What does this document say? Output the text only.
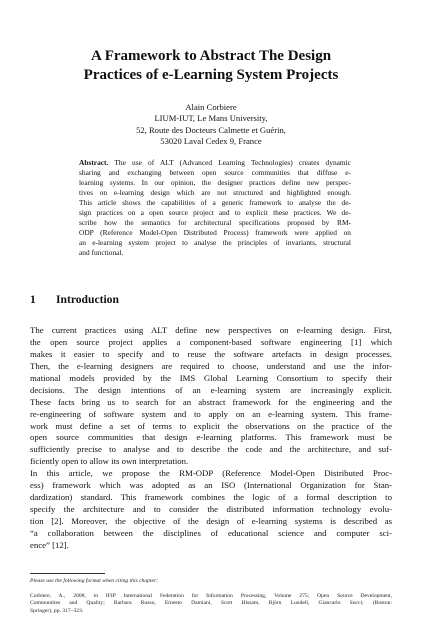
A Framework to Abstract The Design
Practices of e-Learning System Projects
Alain Corbiere
LIUM-IUT, Le Mans University,
52, Route des Docteurs Calmette et Guérin,
53020 Laval Cedex 9, France
Abstract. The use of ALT (Advanced Learning Technologies) creates dynamic
sharing and exchanging between open source communities that diffuse e-
learning systems. In our opinion, the designer practices define new perspec-
tives on e-learning design which are not structured and highlighted enough.
This article shows the capabilities of a generic framework to analyse the de-
sign practices on a open source project and to explicit these practices. We de-
scribe how the semantics for architectural specifications proposed by RM-
ODP (Reference Model-Open Distributed Process) framework were applied on
an e-learning system project to analyse the principles of invariants, structural
and functional.
1 Introduction
The current practices using ALT define new perspectives on e-learning design. First,
the open source project applies a component-based software engineering [1] which
makes it easier to specify and to reuse the software artefacts in design processes.
Then, the e-learning designers are required to choose, understand and use the infor-
mational models provided by the IMS Global Learning Consortium to specify their
decisions. The design intentions of an e-learning system are increasingly explicit.
These facts bring us to search for an abstract framework for the engineering and the
re-engineering of software system and to apply on an e-learning system. This frame-
work must define a set of terms to explicit the observations on the practice of the
open source communities that design e-learning platforms. This framework must be
sufficiently precise to analyse and to describe the code and the architecture, and suf-
ficiently open to allow its own interpretation.
In this article, we propose the RM-ODP (Reference Model-Open Distributed Proc-
ess) framework which was adopted as an ISO (International Organization for Stan-
dardization) standard. This framework combines the logic of a formal description to
specify the architecture and to consider the distributed information technology evolu-
tion [2]. Moreover, the objective of the design of e-learning systems is described as
“a collaboration between the disciplines of educational science and computer sci-
ence” [12].
Please use the following format when citing this chapter:
Corbiere, A., 2008, in IFIP International Federation for Information Processing, Volume 275; Open Source Development,
Communities and Quality; Barbara Russo, Ernesto Damiani, Scott Hissam, Björn Lundell, Giancarlo Succi; (Boston:
Springer), pp. 317–323.
